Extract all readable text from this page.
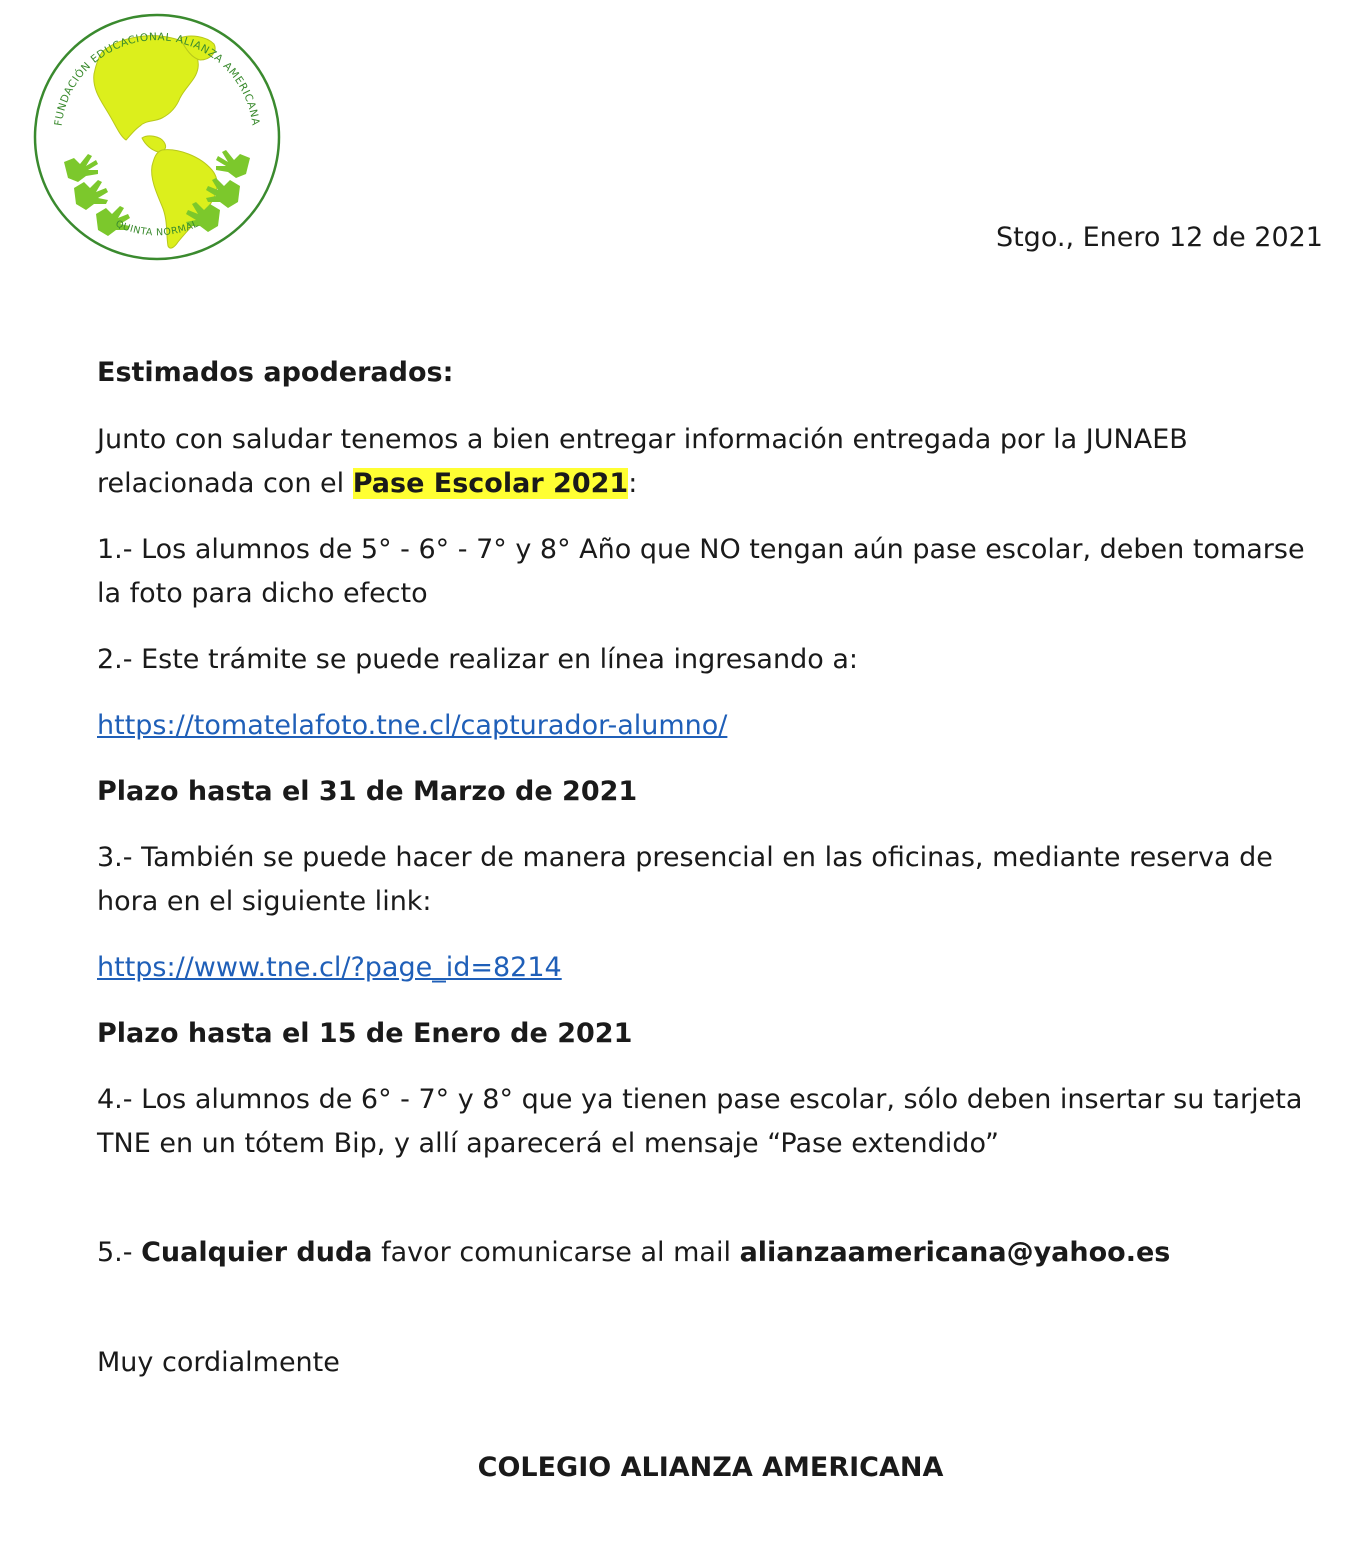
FUNDACIÓN EDUCACIONAL ALIANZA AMERICANA
QUINTA NORMAL	Stgo., Enero 12 de 2021

Estimados apoderados:

Junto con saludar tenemos a bien entregar información entregada por la JUNAEB relacionada con el Pase Escolar 2021:

1.- Los alumnos de 5° - 6° - 7° y 8° Año que NO tengan aún pase escolar, deben tomarse la foto para dicho efecto

2.- Este trámite se puede realizar en línea ingresando a:

https://tomatelafoto.tne.cl/capturador-alumno/

Plazo hasta el 31 de Marzo de 2021

3.- También se puede hacer de manera presencial en las oficinas, mediante reserva de hora en el siguiente link:

https://www.tne.cl/?page_id=8214

Plazo hasta el 15 de Enero de 2021

4.- Los alumnos de 6° - 7° y 8° que ya tienen pase escolar, sólo deben insertar su tarjeta TNE en un tótem Bip, y allí aparecerá el mensaje “Pase extendido”

5.- Cualquier duda favor comunicarse al mail alianzaamericana@yahoo.es

Muy cordialmente

COLEGIO ALIANZA AMERICANA
